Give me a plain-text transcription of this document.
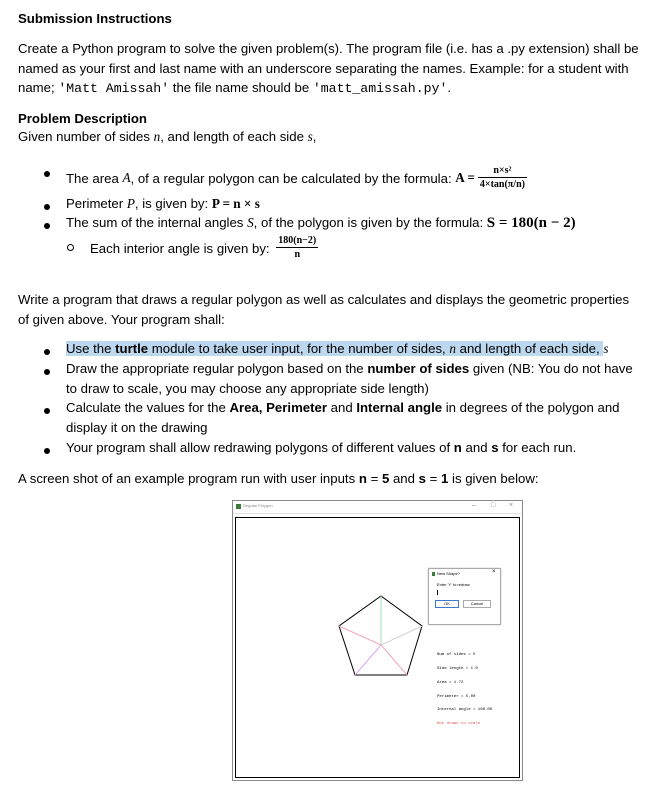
Submission Instructions
Create a Python program to solve the given problem(s). The program file (i.e. has a .py extension) shall be
named as your first and last name with an underscore separating the names. Example: for a student with
name; 'Matt Amissah' the file name should be 'matt_amissah.py'.
Problem Description
Given number of sides n, and length of each side s,
The area A , of a regular polygon can be calculated by the formula: $A = \frac{\text{n×s²}}{4\times\tan(\pi/n)}$
Perimeter P, is given by: P = n × s
The sum of the internal angles S, of the polygon is given by the formula: S = 180(n − 2)
Each interior angle is given by: $\frac{180(n-2)}{n}$
Write a program that draws a regular polygon as well as calculates and displays the geometric properties
of given above. Your program shall:
Use the turtle module to take user input, for the number of sides, n and length of each side, s
Draw the appropriate regular polygon based on the number of sides given (NB: You do not have
to draw to scale, you may choose any appropriate side length)
Calculate the values for the Area, Perimeter and Internal angle in degrees of the polygon and
display it on the drawing
Your program shall allow redrawing polygons of different values of n and s for each run.
A screen shot of an example program run with user inputs n = 5 and s = 1 is given below:
Regular Polygon	– □ ×

Num of sides = 5

Side length = 1.0

Area = 1.72

Perimeter = 5.00

Internal angle = 108.00

Not drawn to scale

New Shape?	×
Enter 'Y' to redraw
OK	Cancel
